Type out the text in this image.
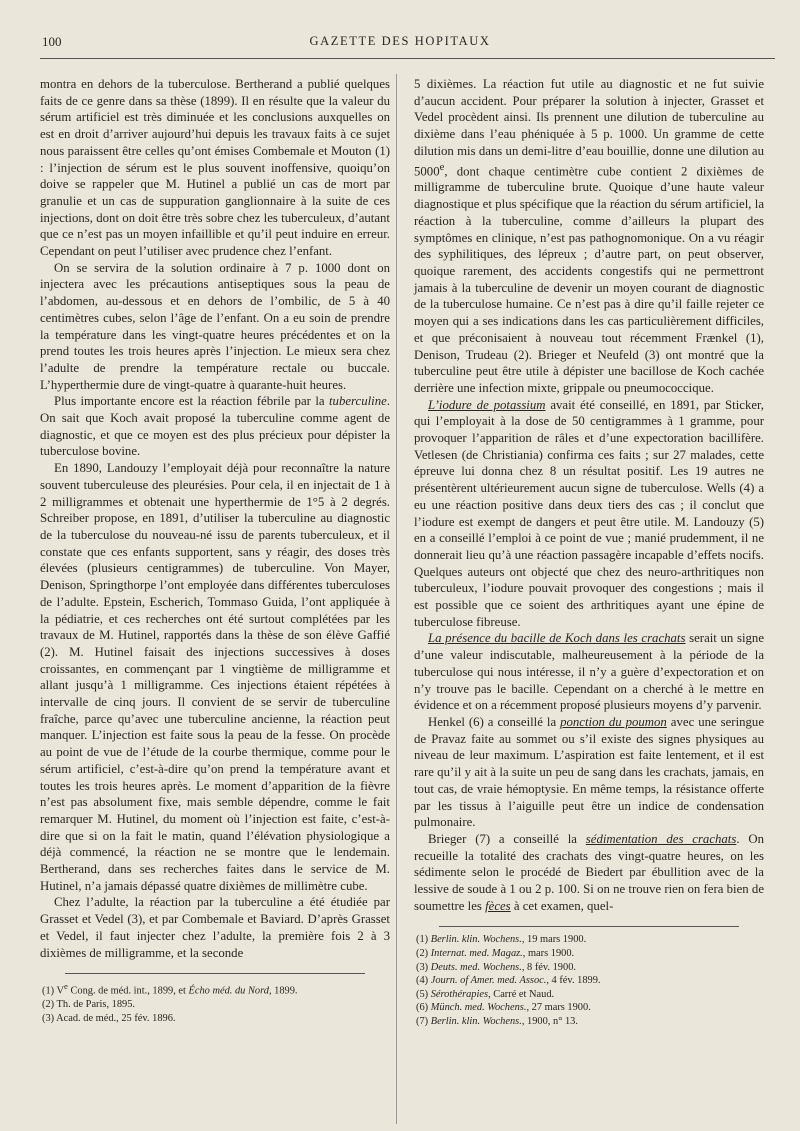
100	GAZETTE DES HOPITAUX

montra en dehors de la tuberculose. Bertherand a publié quelques faits de ce genre dans sa thèse (1899). Il en résulte que la valeur du sérum artificiel est très diminuée et les conclusions auxquelles on est en droit d’arriver aujourd’hui depuis les travaux faits à ce sujet nous paraissent être celles qu’ont émises Combemale et Mouton (1) : l’injection de sérum est le plus souvent inoffensive, quoiqu’on doive se rappeler que M. Hutinel a publié un cas de mort par granulie et un cas de suppuration ganglionnaire à la suite de ces injections, dont on doit être très sobre chez les tuberculeux, d’autant que ce n’est pas un moyen infaillible et qu’il peut induire en erreur. Cependant on peut l’utiliser avec prudence chez l’enfant.

On se servira de la solution ordinaire à 7 p. 1000 dont on injectera avec les précautions antiseptiques sous la peau de l’abdomen, au-dessous et en dehors de l’ombilic, de 5 à 40 centimètres cubes, selon l’âge de l’enfant. On a eu soin de prendre la température dans les vingt-quatre heures précédentes et on la prend toutes les trois heures après l’injection. Le mieux sera chez l’adulte de prendre la température rectale ou buccale. L’hyperthermie dure de vingt-quatre à quarante-huit heures.

Plus importante encore est la réaction fébrile par la tuberculine. On sait que Koch avait proposé la tuberculine comme agent de diagnostic, et que ce moyen est des plus précieux pour dépister la tuberculose bovine.

En 1890, Landouzy l’employait déjà pour reconnaître la nature souvent tuberculeuse des pleurésies. Pour cela, il en injectait de 1 à 2 milligrammes et obtenait une hyperthermie de 1°5 à 2 degrés. Schreiber propose, en 1891, d’utiliser la tuberculine au diagnostic de la tuberculose du nouveau-né issu de parents tuberculeux, et il constate que ces enfants supportent, sans y réagir, des doses très élevées (plusieurs centigrammes) de tuberculine. Von Mayer, Denison, Springthorpe l’ont employée dans différentes tuberculoses de l’adulte. Epstein, Escherich, Tommaso Guida, l’ont appliquée à la pédiatrie, et ces recherches ont été surtout complétées par les travaux de M. Hutinel, rapportés dans la thèse de son élève Gaffié (2). M. Hutinel faisait des injections successives à doses croissantes, en commençant par 1 vingtième de milligramme et allant jusqu’à 1 milligramme. Ces injections étaient répétées à intervalle de cinq jours. Il convient de se servir de tuberculine fraîche, parce qu’avec une tuberculine ancienne, la réaction peut manquer. L’injection est faite sous la peau de la fesse. On procède au point de vue de l’étude de la courbe thermique, comme pour le sérum artificiel, c’est-à-dire qu’on prend la température avant et toutes les trois heures après. Le moment d’apparition de la fièvre n’est pas absolument fixe, mais semble dépendre, comme le fait remarquer M. Hutinel, du moment où l’injection est faite, c’est-à-dire que si on la fait le matin, quand l’élévation physiologique a déjà commencé, la réaction ne se montre que le lendemain. Bertherand, dans ses recherches faites dans le service de M. Hutinel, n’a jamais dépassé quatre dixièmes de millimètre cube.

Chez l’adulte, la réaction par la tuberculine a été étudiée par Grasset et Vedel (3), et par Combemale et Baviard. D’après Grasset et Vedel, il faut injecter chez l’adulte, la première fois 2 à 3 dixièmes de milligramme, et la seconde

(1) Ve Cong. de méd. int., 1899, et Écho méd. du Nord, 1899.

(2) Th. de Paris, 1895.

(3) Acad. de méd., 25 fév. 1896.

5 dixièmes. La réaction fut utile au diagnostic et ne fut suivie d’aucun accident. Pour préparer la solution à injecter, Grasset et Vedel procèdent ainsi. Ils prennent une dilution de tuberculine au dixième dans l’eau phéniquée à 5 p. 1000. Un gramme de cette dilution mis dans un demi-litre d’eau bouillie, donne une dilution au 5000e, dont chaque centimètre cube contient 2 dixièmes de milligramme de tuberculine brute. Quoique d’une haute valeur diagnostique et plus spécifique que la réaction du sérum artificiel, la réaction à la tuberculine, comme d’ailleurs la plupart des symptômes en clinique, n’est pas pathognomonique. On a vu réagir des syphilitiques, des lépreux ; d’autre part, on peut observer, quoique rarement, des accidents congestifs qui ne permettront jamais à la tuberculine de devenir un moyen courant de diagnostic de la tuberculose humaine. Ce n’est pas à dire qu’il faille rejeter ce moyen qui a ses indications dans les cas particulièrement difficiles, et que préconisaient à nouveau tout récemment Frænkel (1), Denison, Trudeau (2). Brieger et Neufeld (3) ont montré que la tuberculine peut être utile à dépister une bacillose de Koch cachée derrière une infection mixte, grippale ou pneumococcique.

L’iodure de potassium avait été conseillé, en 1891, par Sticker, qui l’employait à la dose de 50 centigrammes à 1 gramme, pour provoquer l’apparition de râles et d’une expectoration bacillifère. Vetlesen (de Christiania) confirma ces faits ; sur 27 malades, cette épreuve lui donna chez 8 un résultat positif. Les 19 autres ne présentèrent ultérieurement aucun signe de tuberculose. Wells (4) a eu une réaction positive dans deux tiers des cas ; il conclut que l’iodure est exempt de dangers et peut être utile. M. Landouzy (5) en a conseillé l’emploi à ce point de vue ; manié prudemment, il ne donnerait lieu qu’à une réaction passagère incapable d’effets nocifs. Quelques auteurs ont objecté que chez des neuro-arthritiques non tuberculeux, l’iodure pouvait provoquer des congestions ; mais il est possible que ce soient des arthritiques ayant une épine de tuberculose fibreuse.

La présence du bacille de Koch dans les crachats serait un signe d’une valeur indiscutable, malheureusement à la période de la tuberculose qui nous intéresse, il n’y a guère d’expectoration et on n’y trouve pas le bacille. Cependant on a cherché à le mettre en évidence et on a récemment proposé plusieurs moyens d’y parvenir.

Henkel (6) a conseillé la ponction du poumon avec une seringue de Pravaz faite au sommet ou s’il existe des signes physiques au niveau de leur maximum. L’aspiration est faite lentement, et il est rare qu’il y ait à la suite un peu de sang dans les crachats, jamais, en tout cas, de vraie hémoptysie. En même temps, la résistance offerte par les tissus à l’aiguille peut être un indice de condensation pulmonaire.

Brieger (7) a conseillé la sédimentation des crachats. On recueille la totalité des crachats des vingt-quatre heures, on les sédimente selon le procédé de Biedert par ébullition avec de la lessive de soude à 1 ou 2 p. 100. Si on ne trouve rien on fera bien de soumettre les fèces à cet examen, quel-

(1) Berlin. klin. Wochens., 19 mars 1900.

(2) Internat. med. Magaz., mars 1900.

(3) Deuts. med. Wochens., 8 fév. 1900.

(4) Journ. of Amer. med. Assoc., 4 fév. 1899.

(5) Sérothérapies, Carré et Naud.

(6) Münch. med. Wochens., 27 mars 1900.

(7) Berlin. klin. Wochens., 1900, n° 13.
